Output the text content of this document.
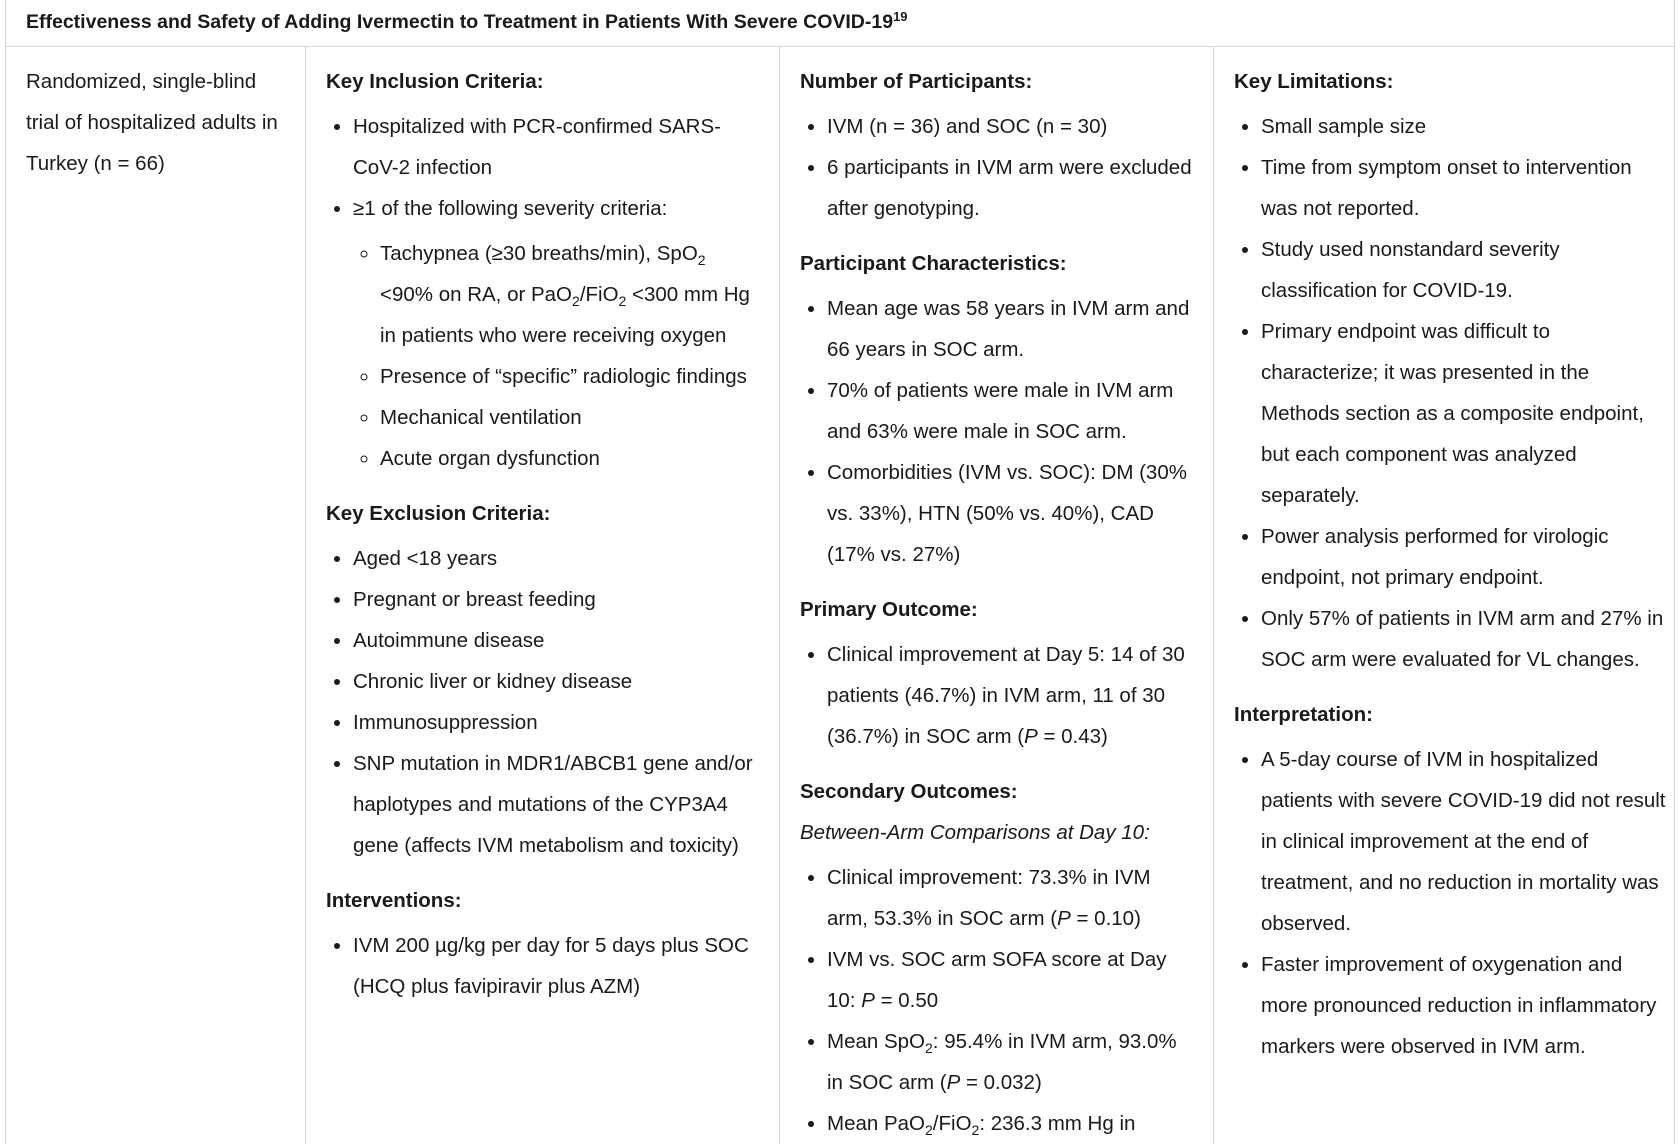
Effectiveness and Safety of Adding Ivermectin to Treatment in Patients With Severe COVID-$19^{19}$
Randomized, single-blind trial of hospitalized adults in Turkey (n = 66)

Key Inclusion Criteria:

• Hospitalized with PCR-confirmed SARS-CoV-2 infection
• ≥1 of the following severity criteria:
◦ Tachypnea (≥30 breaths/min), SpO$_2$ <90% on RA, or PaO$_2$/FiO$_2$ <300 mm Hg in patients who were receiving oxygen
◦ Presence of “specific” radiologic findings
◦ Mechanical ventilation
◦ Acute organ dysfunction

Key Exclusion Criteria:

• Aged <18 years
• Pregnant or breast feeding
• Autoimmune disease
• Chronic liver or kidney disease
• Immunosuppression
• SNP mutation in MDR1/ABCB1 gene and/or haplotypes and mutations of the CYP3A4 gene (affects IVM metabolism and toxicity)

Interventions:

• IVM 200 µg/kg per day for 5 days plus SOC (HCQ plus favipiravir plus AZM)

Number of Participants:

• IVM (n = 36) and SOC (n = 30)
• 6 participants in IVM arm were excluded after genotyping.

Participant Characteristics:

• Mean age was 58 years in IVM arm and 66 years in SOC arm.
• 70% of patients were male in IVM arm and 63% were male in SOC arm.
• Comorbidities (IVM vs. SOC): DM (30% vs. 33%), HTN (50% vs. 40%), CAD (17% vs. 27%)

Primary Outcome:

• Clinical improvement at Day 5: 14 of 30 patients (46.7%) in IVM arm, 11 of 30 (36.7%) in SOC arm (P = 0.43)

Secondary Outcomes:

Between-Arm Comparisons at Day 10:

• Clinical improvement: 73.3% in IVM arm, 53.3% in SOC arm (P = 0.10)
• IVM vs. SOC arm SOFA score at Day 10: P = 0.50
• Mean SpO$_2$: 95.4% in IVM arm, 93.0% in SOC arm (P = 0.032)
• Mean PaO$_2$/FiO$_2$: 236.3 mm Hg in

Key Limitations:

• Small sample size
• Time from symptom onset to intervention was not reported.
• Study used nonstandard severity classification for COVID-19.
• Primary endpoint was difficult to characterize; it was presented in the Methods section as a composite endpoint, but each component was analyzed separately.
• Power analysis performed for virologic endpoint, not primary endpoint.
• Only 57% of patients in IVM arm and 27% in SOC arm were evaluated for VL changes.

Interpretation:

• A 5-day course of IVM in hospitalized patients with severe COVID-19 did not result in clinical improvement at the end of treatment, and no reduction in mortality was observed.
• Faster improvement of oxygenation and more pronounced reduction in inflammatory markers were observed in IVM arm.
